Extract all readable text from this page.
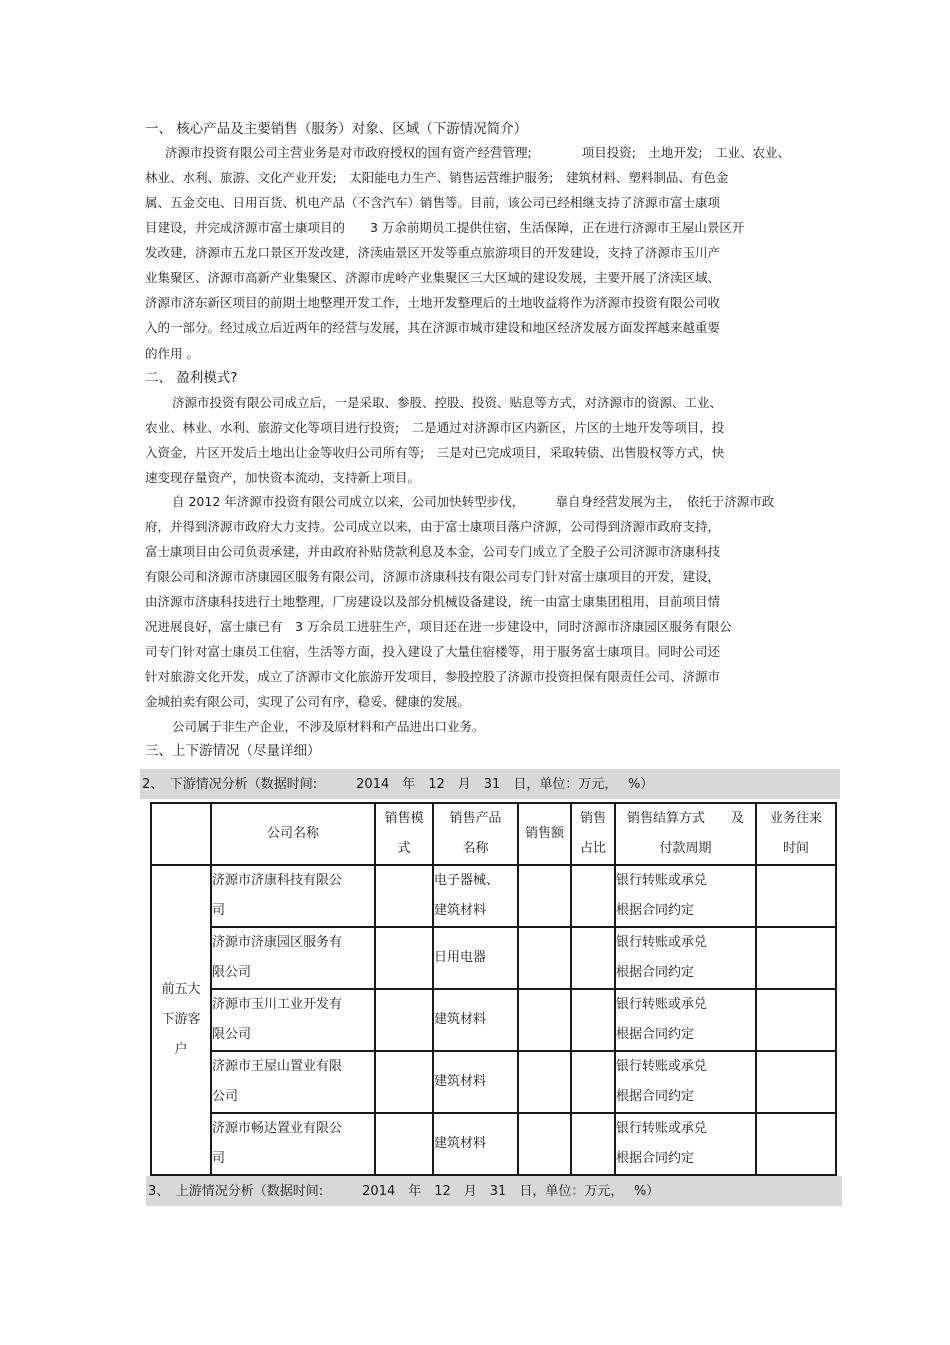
一、 核心产品及主要销售（服务）对象、区域（下游情况简介）
济源市投资有限公司主营业务是对市政府授权的国有资产经营管理;　　　　项目投资;　土地开发;　工业、农业、
林业、水利、旅游、文化产业开发;　太阳能电力生产、销售运营维护服务;　建筑材料、塑料制品、有色金
属、五金交电、日用百货、机电产品（不含汽车）销售等。目前，该公司已经相继支持了济源市富士康项
目建设，并完成济源市富士康项目的　　3 万余前期员工提供住宿，生活保障，正在进行济源市王屋山景区开
发改建，济源市五龙口景区开发改建，济渎庙景区开发等重点旅游项目的开发建设，支持了济源市玉川产
业集聚区、济源市高新产业集聚区、济源市虎岭产业集聚区三大区域的建设发展，主要开展了济渎区域、
济源市济东新区项目的前期土地整理开发工作，土地开发整理后的土地收益将作为济源市投资有限公司收
入的一部分。经过成立后近两年的经营与发展，其在济源市城市建设和地区经济发展方面发挥越来越重要
的作用 。
二、 盈利模式?
济源市投资有限公司成立后，一是采取、参股、控股、投资、贴息等方式，对济源市的资源、工业、
农业、林业、水利、旅游文化等项目进行投资;　二是通过对济源市区内新区，片区的土地开发等项目，投
入资金，片区开发后土地出让金等收归公司所有等;　三是对已完成项目，采取转债、出售股权等方式，快
速变现存量资产，加快资本流动，支持新上项目。
自 2012 年济源市投资有限公司成立以来，公司加快转型步伐，　　　靠自身经营发展为主，　依托于济源市政
府，并得到济源市政府大力支持。公司成立以来，由于富士康项目落户济源，公司得到济源市政府支持，
富士康项目由公司负责承建，并由政府补贴贷款利息及本金，公司专门成立了全股子公司济源市济康科技
有限公司和济源市济康园区服务有限公司，济源市济康科技有限公司专门针对富士康项目的开发，建设，
由济源市济康科技进行土地整理，厂房建设以及部分机械设备建设，统一由富士康集团租用，目前项目情
况进展良好，富士康已有　3 万余员工进驻生产，项目还在进一步建设中，同时济源市济康园区服务有限公
司专门针对富士康员工住宿，生活等方面，投入建设了大量住宿楼等，用于服务富士康项目。同时公司还
针对旅游文化开发，成立了济源市文化旅游开发项目，参股控股了济源市投资担保有限责任公司、济源市
金城拍卖有限公司，实现了公司有序，稳妥、健康的发展。
公司属于非生产企业，不涉及原材料和产品进出口业务。
三、上下游情况（尽量详细）
2、　下游情况分析（数据时间:　　　2014　年　12　月　31　日，单位：万元，　 %）
	公司名称	销售模
式	销售产品
名称	销售额	销售
占比	销售结算方式　　及
付款周期	业务往来
时间

前五大
下游客
户	济源市济康科技有限公
司		电子器械、
建筑材料			银行转账或承兑
根据合同约定	

	济源市济康园区服务有
限公司		日用电器			银行转账或承兑
根据合同约定	

	济源市玉川工业开发有
限公司		建筑材料			银行转账或承兑
根据合同约定	

	济源市王屋山置业有限
公司		建筑材料			银行转账或承兑
根据合同约定	

	济源市畅达置业有限公
司		建筑材料			银行转账或承兑
根据合同约定	

3、　上游情况分析（数据时间:　　　2014　年　12　月　31　日，单位：万元，　 %）
